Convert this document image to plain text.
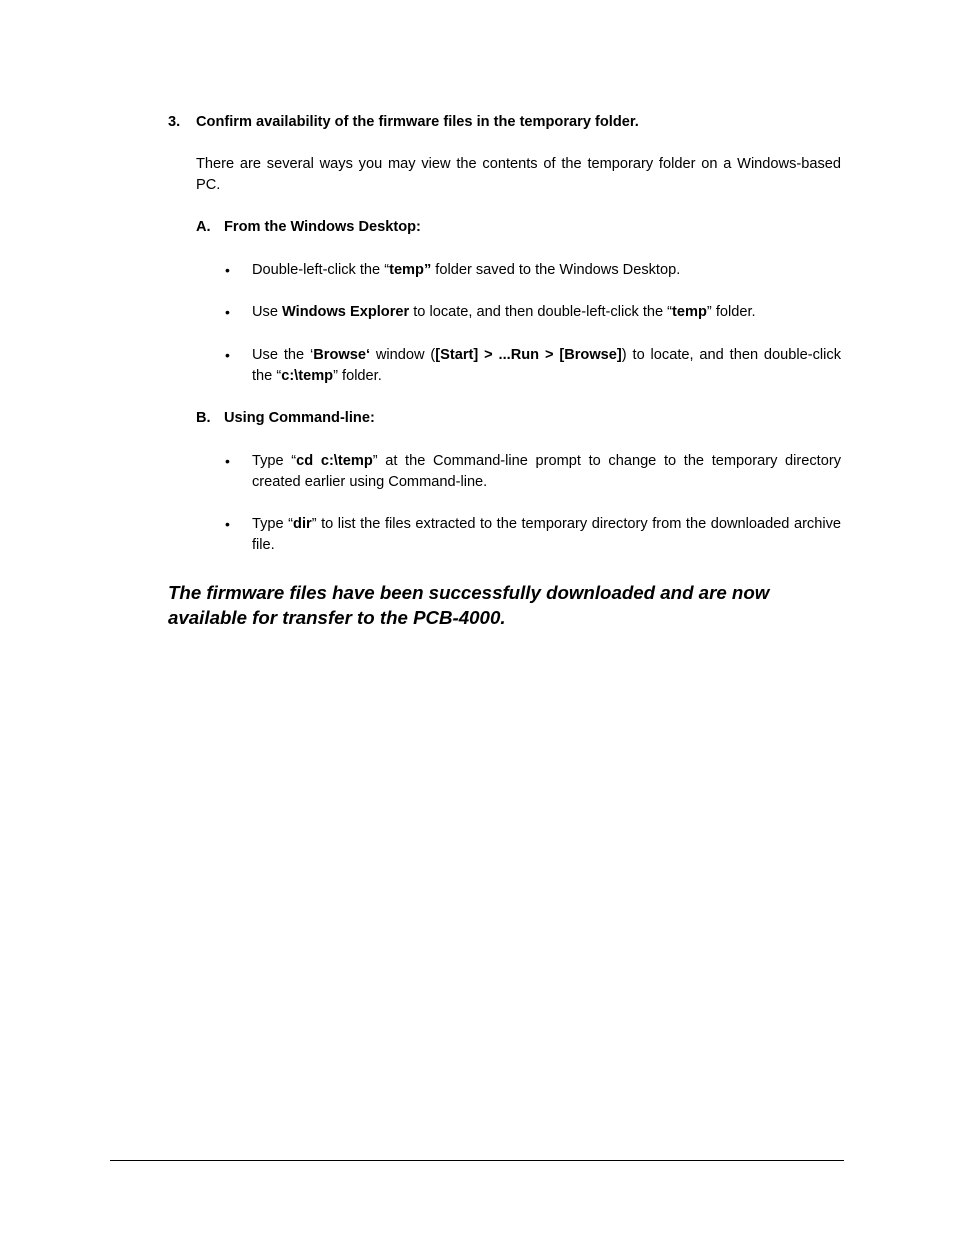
3. Confirm availability of the firmware files in the temporary folder.
There are several ways you may view the contents of the temporary folder on a Windows-based PC.
A. From the Windows Desktop:
• Double-left-click the “temp” folder saved to the Windows Desktop.
• Use Windows Explorer to locate, and then double-left-click the “temp” folder.
• Use the ‘Browse‘ window ([Start] > ...Run > [Browse]) to locate, and then double-click the “c:\temp” folder.
B. Using Command-line:
• Type “cd c:\temp” at the Command-line prompt to change to the temporary directory created earlier using Command-line.
• Type “dir” to list the files extracted to the temporary directory from the downloaded archive file.
The firmware files have been successfully downloaded and are now available for transfer to the PCB-4000.
